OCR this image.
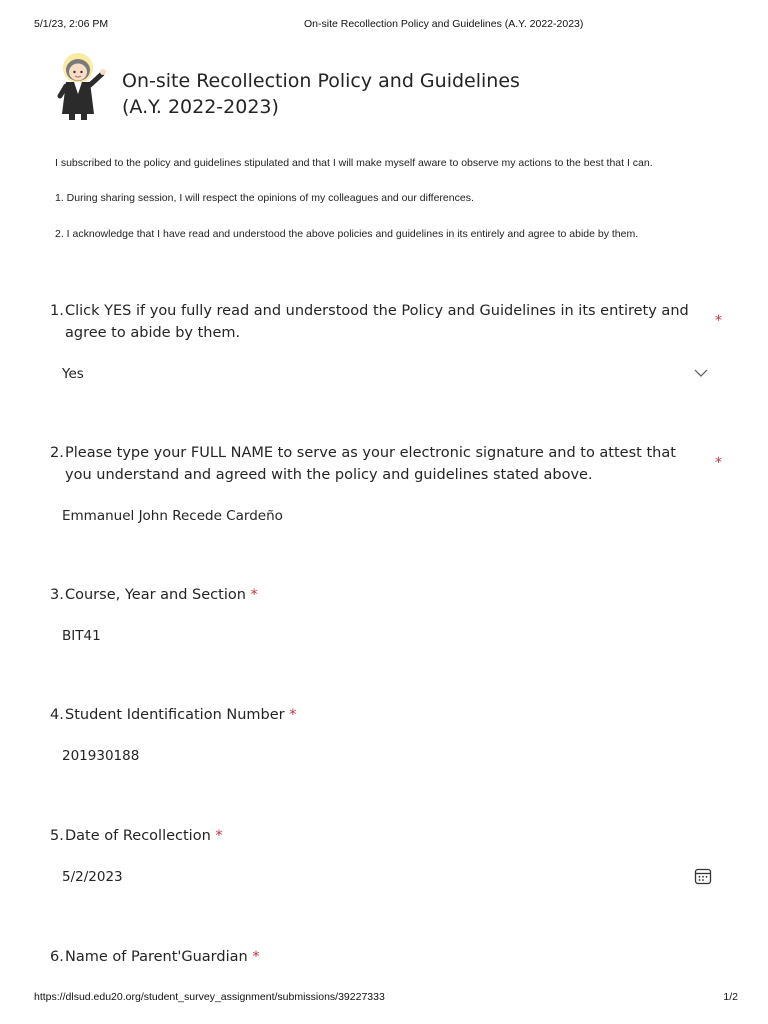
5/1/23, 2:06 PM	On-site Recollection Policy and Guidelines (A.Y. 2022-2023)
On-site Recollection Policy and Guidelines
(A.Y. 2022-2023)

I subscribed to the policy and guidelines stipulated and that I will make myself aware to observe my actions to the best that I can.

1. During sharing session, I will respect the opinions of my colleagues and our differences.

2. I acknowledge that I have read and understood the above policies and guidelines in its entirely and agree to abide by them.

1. Click YES if you fully read and understood the Policy and Guidelines in its entirety and agree to abide by them.
*
Yes
2. Please type your FULL NAME to serve as your electronic signature and to attest that you understand and agreed with the policy and guidelines stated above.
*
Emmanuel John Recede Cardeño
3. Course, Year and Section *
BIT41
4. Student Identification Number *
201930188
5. Date of Recollection *
5/2/2023
6. Name of Parent'Guardian *
https://dlsud.edu20.org/student_survey_assignment/submissions/39227333	1/2
